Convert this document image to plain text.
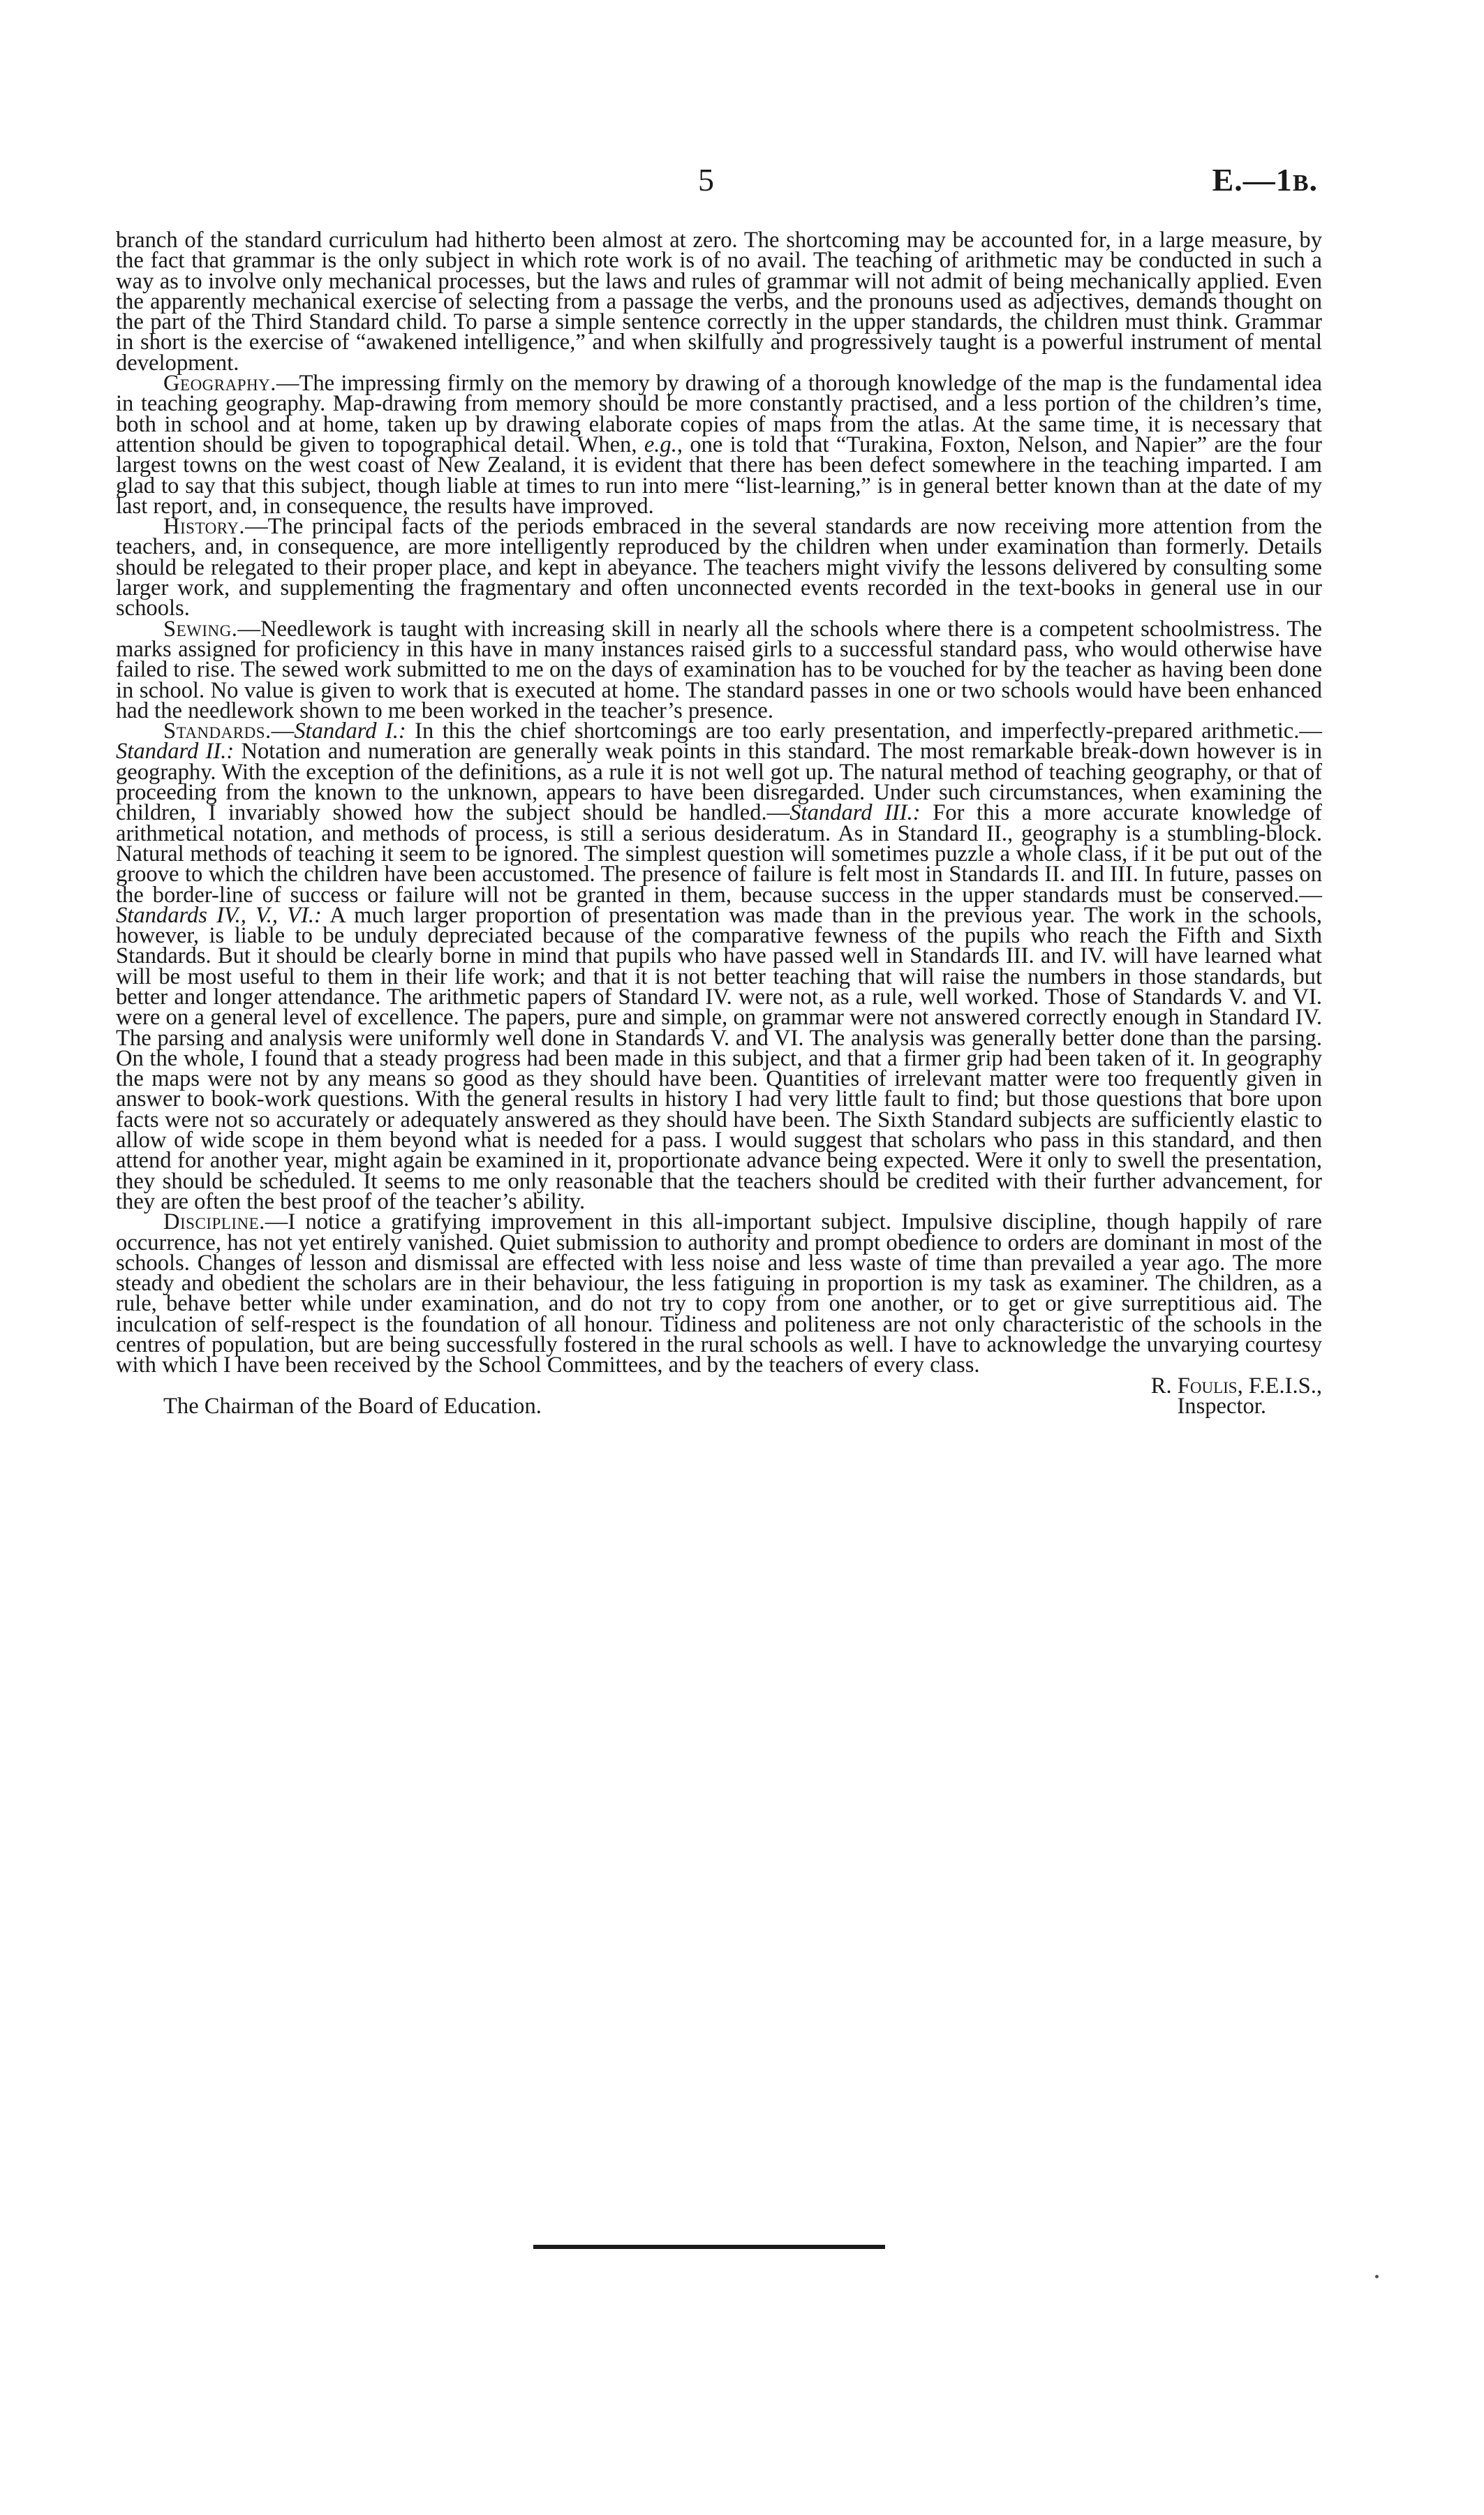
5	E.—1B.

branch of the standard curriculum had hitherto been almost at zero. The shortcoming may be accounted for, in a large measure, by the fact that grammar is the only subject in which rote work is of no avail. The teaching of arithmetic may be conducted in such a way as to involve only mechanical processes, but the laws and rules of grammar will not admit of being mechanically applied. Even the apparently mechanical exercise of selecting from a passage the verbs, and the pronouns used as adjectives, demands thought on the part of the Third Standard child. To parse a simple sentence correctly in the upper standards, the children must think. Grammar in short is the exercise of “awakened intelligence,” and when skilfully and progressively taught is a powerful instrument of mental development.

Geography.—The impressing firmly on the memory by drawing of a thorough knowledge of the map is the fundamental idea in teaching geography. Map-drawing from memory should be more constantly practised, and a less portion of the children’s time, both in school and at home, taken up by drawing elaborate copies of maps from the atlas. At the same time, it is necessary that attention should be given to topographical detail. When, e.g., one is told that “Turakina, Foxton, Nelson, and Napier” are the four largest towns on the west coast of New Zealand, it is evident that there has been defect somewhere in the teaching imparted. I am glad to say that this subject, though liable at times to run into mere “list-learning,” is in general better known than at the date of my last report, and, in consequence, the results have improved.

History.—The principal facts of the periods embraced in the several standards are now receiving more attention from the teachers, and, in consequence, are more intelligently reproduced by the children when under examination than formerly. Details should be relegated to their proper place, and kept in abeyance. The teachers might vivify the lessons delivered by consulting some larger work, and supplementing the fragmentary and often unconnected events recorded in the text-books in general use in our schools.

Sewing.—Needlework is taught with increasing skill in nearly all the schools where there is a competent schoolmistress. The marks assigned for proficiency in this have in many instances raised girls to a successful standard pass, who would otherwise have failed to rise. The sewed work submitted to me on the days of examination has to be vouched for by the teacher as having been done in school. No value is given to work that is executed at home. The standard passes in one or two schools would have been enhanced had the needlework shown to me been worked in the teacher’s presence.

Standards.—Standard I.: In this the chief shortcomings are too early presentation, and imperfectly-prepared arithmetic.—Standard II.: Notation and numeration are generally weak points in this standard. The most remarkable break-down however is in geography. With the exception of the definitions, as a rule it is not well got up. The natural method of teaching geography, or that of proceeding from the known to the unknown, appears to have been disregarded. Under such circumstances, when examining the children, I invariably showed how the subject should be handled.—Standard III.: For this a more accurate knowledge of arithmetical notation, and methods of process, is still a serious desideratum. As in Standard II., geography is a stumbling-block. Natural methods of teaching it seem to be ignored. The simplest question will sometimes puzzle a whole class, if it be put out of the groove to which the children have been accustomed. The presence of failure is felt most in Standards II. and III. In future, passes on the border-line of success or failure will not be granted in them, because success in the upper standards must be conserved.—Standards IV., V., VI.: A much larger proportion of presentation was made than in the previous year. The work in the schools, however, is liable to be unduly depreciated because of the comparative fewness of the pupils who reach the Fifth and Sixth Standards. But it should be clearly borne in mind that pupils who have passed well in Standards III. and IV. will have learned what will be most useful to them in their life work; and that it is not better teaching that will raise the numbers in those standards, but better and longer attendance. The arithmetic papers of Standard IV. were not, as a rule, well worked. Those of Standards V. and VI. were on a general level of excellence. The papers, pure and simple, on grammar were not answered correctly enough in Standard IV. The parsing and analysis were uniformly well done in Standards V. and VI. The analysis was generally better done than the parsing. On the whole, I found that a steady progress had been made in this subject, and that a firmer grip had been taken of it. In geography the maps were not by any means so good as they should have been. Quantities of irrelevant matter were too frequently given in answer to book-work questions. With the general results in history I had very little fault to find; but those questions that bore upon facts were not so accurately or adequately answered as they should have been. The Sixth Standard subjects are sufficiently elastic to allow of wide scope in them beyond what is needed for a pass. I would suggest that scholars who pass in this standard, and then attend for another year, might again be examined in it, proportionate advance being expected. Were it only to swell the presentation, they should be scheduled. It seems to me only reasonable that the teachers should be credited with their further advancement, for they are often the best proof of the teacher’s ability.

Discipline.—I notice a gratifying improvement in this all-important subject. Impulsive discipline, though happily of rare occurrence, has not yet entirely vanished. Quiet submission to authority and prompt obedience to orders are dominant in most of the schools. Changes of lesson and dismissal are effected with less noise and less waste of time than prevailed a year ago. The more steady and obedient the scholars are in their behaviour, the less fatiguing in proportion is my task as examiner. The children, as a rule, behave better while under examination, and do not try to copy from one another, or to get or give surreptitious aid. The inculcation of self-respect is the foundation of all honour. Tidiness and politeness are not only characteristic of the schools in the centres of population, but are being successfully fostered in the rural schools as well. I have to acknowledge the unvarying courtesy with which I have been received by the School Committees, and by the teachers of every class.

R. Foulis, F.E.I.S.,
The Chairman of the Board of Education.	Inspector.
